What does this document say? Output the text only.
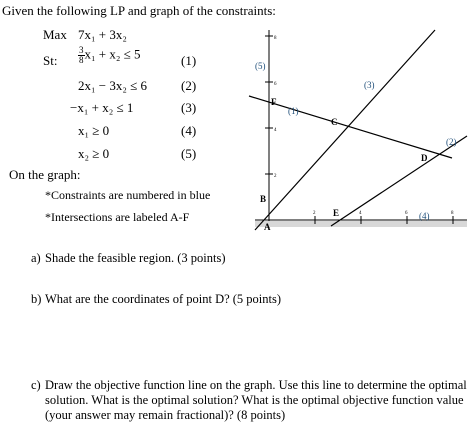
Given the following LP and graph of the constraints:
Max 7x₁ + 3x₂
St: $\frac{3}{8} x_1 + x_2 \le 5$	(1)
2x₁ − 3x₂ ≤ 6	(2)
−x₁ + x₂ ≤ 1	(3)
x₁ ≥ 0	(4)
x₂ ≥ 0	(5)
On the graph:
*Constraints are numbered in blue
*Intersections are labeled A-F
8
6
4
2
2	4	6	8
(5)
(3)
(1)
(2)
(4)
A
B
C
D
E
F
a) Shade the feasible region. (3 points)
b) What are the coordinates of point D? (5 points)
c) Draw the objective function line on the graph. Use this line to determine the optimal
solution. What is the optimal solution? What is the optimal objective function value
(your answer may remain fractional)? (8 points)
